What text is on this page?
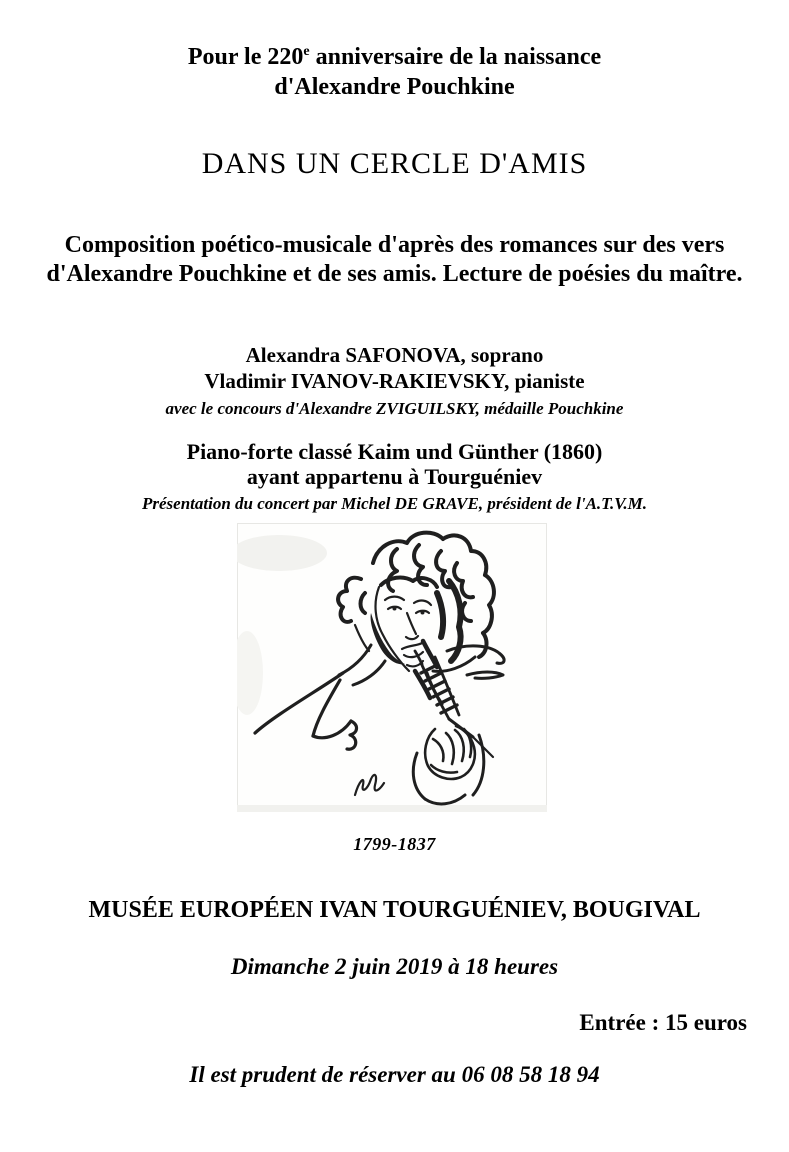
Pour le 220e anniversaire de la naissance
d'Alexandre Pouchkine
DANS UN CERCLE D'AMIS

Composition poético-musicale d'après des romances sur des vers
d'Alexandre Pouchkine et de ses amis. Lecture de poésies du maître.

Alexandra SAFONOVA, soprano
Vladimir IVANOV-RAKIEVSKY, pianiste
avec le concours d'Alexandre ZVIGUILSKY, médaille Pouchkine
Piano-forte classé Kaim und Günther (1860)
ayant appartenu à Tourguéniev
Présentation du concert par Michel DE GRAVE, président de l'A.T.V.M.
1799-1837
MUSÉE EUROPÉEN IVAN TOURGUÉNIEV, BOUGIVAL
Dimanche 2 juin 2019 à 18 heures
Entrée : 15 euros
Il est prudent de réserver au 06 08 58 18 94
